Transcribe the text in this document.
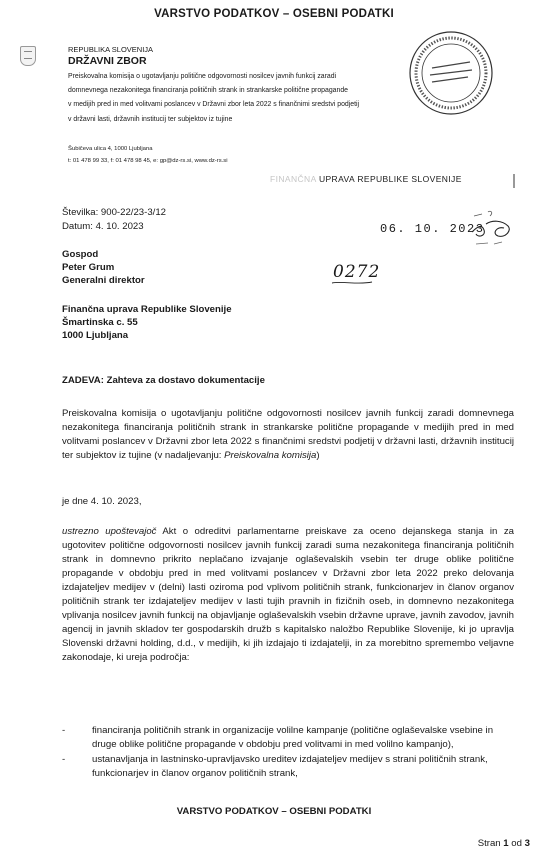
VARSTVO PODATKOV – OSEBNI PODATKI
REPUBLIKA SLOVENIJA
DRŽAVNI ZBOR
Preiskovalna komisija o ugotavljanju politične odgovornosti nosilcev javnih funkcij zaradi
domnevnega nezakonitega financiranja političnih strank in strankarske politične propagande
v medijih pred in med volitvami poslancev v Državni zbor leta 2022 s finančnimi sredstvi podjetij
v državni lasti, državnih institucij ter subjektov iz tujine
Šubičeva ulica 4, 1000 Ljubljana
t: 01 478 99 33, f: 01 478 98 45, e: gp@dz-rs.si, www.dz-rs.si
FINANČNA UPRAVA REPUBLIKE SLOVENIJE
06. 10. 2023
0272
Številka: 900-22/23-3/12
Datum: 4. 10. 2023
Gospod
Peter Grum
Generalni direktor
Finančna uprava Republike Slovenije
Šmartinska c. 55
1000 Ljubljana
ZADEVA: Zahteva za dostavo dokumentacije
Preiskovalna komisija o ugotavljanju politične odgovornosti nosilcev javnih funkcij zaradi domnevnega nezakonitega financiranja političnih strank in strankarske politične propagande v medijih pred in med volitvami poslancev v Državni zbor leta 2022 s finančnimi sredstvi podjetij v državni lasti, državnih institucij ter subjektov iz tujine (v nadaljevanju: Preiskovalna komisija)
je dne 4. 10. 2023,
ustrezno upoštevajoč Akt o odreditvi parlamentarne preiskave za oceno dejanskega stanja in za ugotovitev politične odgovornosti nosilcev javnih funkcij zaradi suma nezakonitega financiranja političnih strank in domnevno prikrito neplačano izvajanje oglaševalskih vsebin ter druge oblike politične propagande v obdobju pred in med volitvami poslancev v Državni zbor leta 2022 preko delovanja izdajateljev medijev v (delni) lasti oziroma pod vplivom političnih strank, funkcionarjev in članov organov političnih strank ter izdajateljev medijev v lasti tujih pravnih in fizičnih oseb, in domnevno nezakonitega vplivanja nosilcev javnih funkcij na objavljanje oglaševalskih vsebin državne uprave, javnih zavodov, javnih agencij in javnih skladov ter gospodarskih družb s kapitalsko naložbo Republike Slovenije, ki jo upravlja Slovenski državni holding, d.d., v medijih, ki jih izdajajo ti izdajatelji, in za morebitno spremembo veljavne zakonodaje, ki ureja področja:
-	financiranja političnih strank in organizacije volilne kampanje (politične oglaševalske vsebine in druge oblike politične propagande v obdobju pred volitvami in med volilno kampanjo),
-	ustanavljanja in lastninsko-upravljavsko ureditev izdajateljev medijev s strani političnih strank, funkcionarjev in članov organov političnih strank,
VARSTVO PODATKOV – OSEBNI PODATKI
Stran 1 od 3
